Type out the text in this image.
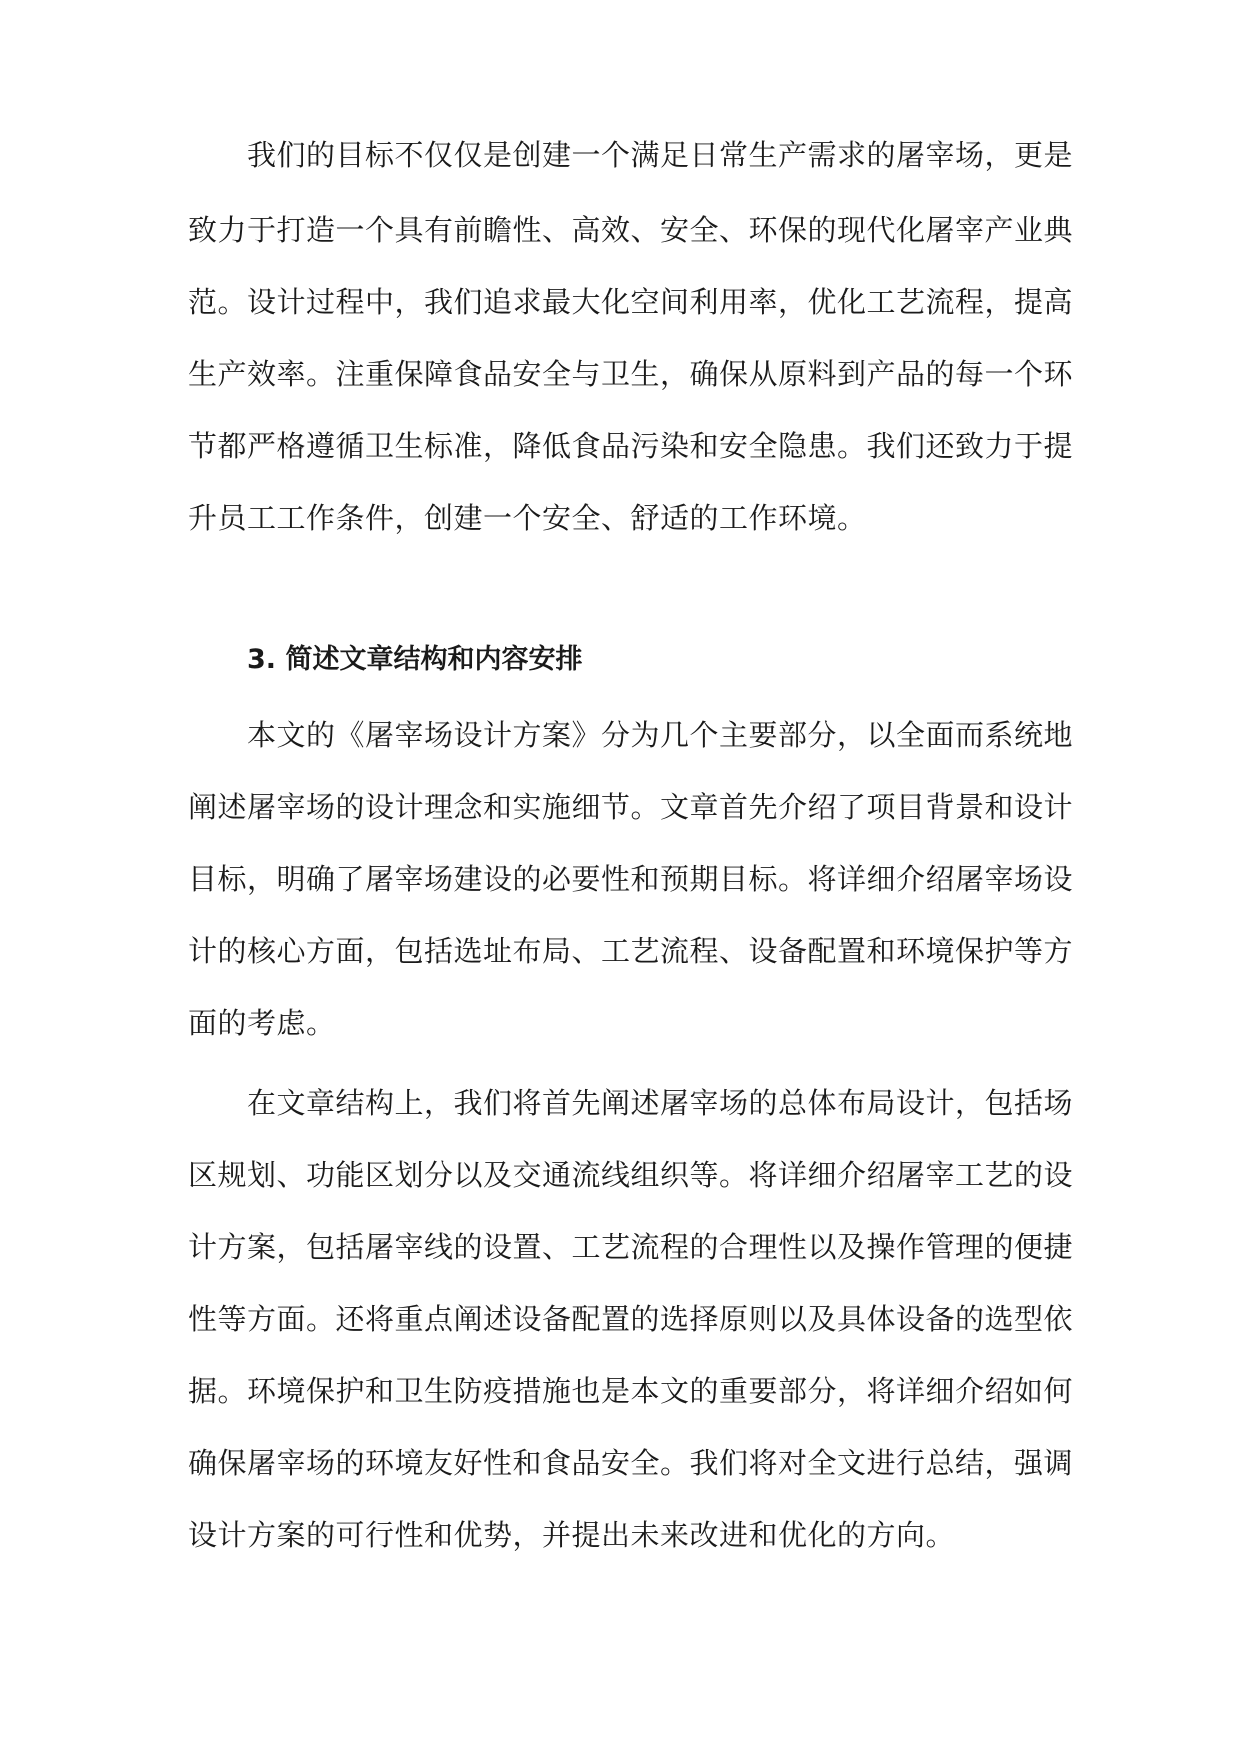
我们的目标不仅仅是创建一个满足日常生产需求的屠宰场，更是
致力于打造一个具有前瞻性、高效、安全、环保的现代化屠宰产业典
范。设计过程中，我们追求最大化空间利用率，优化工艺流程，提高
生产效率。注重保障食品安全与卫生，确保从原料到产品的每一个环
节都严格遵循卫生标准，降低食品污染和安全隐患。我们还致力于提
升员工工作条件，创建一个安全、舒适的工作环境。
3. 简述文章结构和内容安排
本文的《屠宰场设计方案》分为几个主要部分，以全面而系统地
阐述屠宰场的设计理念和实施细节。文章首先介绍了项目背景和设计
目标，明确了屠宰场建设的必要性和预期目标。将详细介绍屠宰场设
计的核心方面，包括选址布局、工艺流程、设备配置和环境保护等方
面的考虑。
在文章结构上，我们将首先阐述屠宰场的总体布局设计，包括场
区规划、功能区划分以及交通流线组织等。将详细介绍屠宰工艺的设
计方案，包括屠宰线的设置、工艺流程的合理性以及操作管理的便捷
性等方面。还将重点阐述设备配置的选择原则以及具体设备的选型依
据。环境保护和卫生防疫措施也是本文的重要部分，将详细介绍如何
确保屠宰场的环境友好性和食品安全。我们将对全文进行总结，强调
设计方案的可行性和优势，并提出未来改进和优化的方向。
